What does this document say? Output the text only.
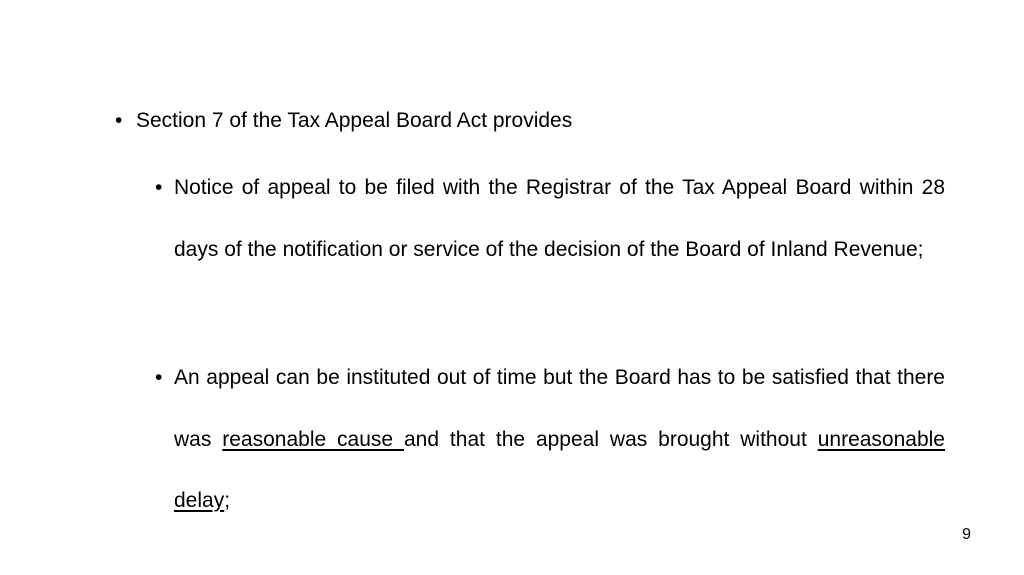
• Section 7 of the Tax Appeal Board Act provides
• Notice of appeal to be filed with the Registrar of the Tax Appeal Board within 28 days of the notification or service of the decision of the Board of Inland Revenue;
• An appeal can be instituted out of time but the Board has to be satisfied that there was reasonable cause and that the appeal was brought without unreasonable delay;
9
